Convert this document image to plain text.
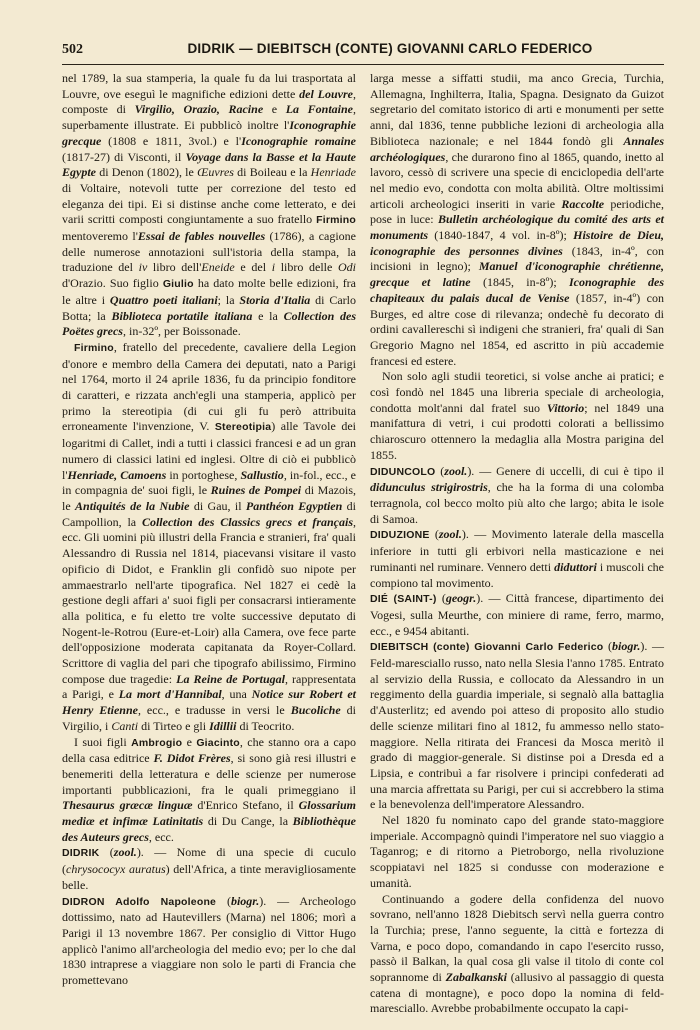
502	DIDRIK — DIEBITSCH (CONTE) GIOVANNI CARLO FEDERICO

nel 1789, la sua stamperia, la quale fu da lui trasportata al Louvre, ove eseguì le magnifiche edizioni dette del Louvre, composte di Virgilio, Orazio, Racine e La Fontaine, superbamente illustrate. Ei pubblicò inoltre l'Iconographie grecque (1808 e 1811, 3vol.) e l'Iconographie romaine (1817-27) di Visconti, il Voyage dans la Basse et la Haute Egypte di Denon (1802), le Œuvres di Boileau e la Henriade di Voltaire, notevoli tutte per correzione del testo ed eleganza dei tipi. Ei si distinse anche come letterato, e dei varii scritti composti congiuntamente a suo fratello Firmino mentoveremo l'Essai de fables nouvelles (1786), a cagione delle numerose annotazioni sull'istoria della stampa, la traduzione del iv libro dell'Eneide e del i libro delle Odi d'Orazio. Suo figlio Giulio ha dato molte belle edizioni, fra le altre i Quattro poeti italiani; la Storia d'Italia di Carlo Botta; la Biblioteca portatile italiana e la Collection des Poëtes grecs, in-32º, per Boissonade.

Firmino, fratello del precedente, cavaliere della Legion d'onore e membro della Camera dei deputati, nato a Parigi nel 1764, morto il 24 aprile 1836, fu da principio fonditore di caratteri, e rizzata anch'egli una stamperia, applicò per primo la stereotipia (di cui gli fu però attribuita erroneamente l'invenzione, V. Stereotipia) alle Tavole dei logaritmi di Callet, indi a tutti i classici francesi e ad un gran numero di classici latini ed inglesi. Oltre di ciò ei pubblicò l'Henriade, Camoens in portoghese, Sallustio, in-fol., ecc., e in compagnia de' suoi figli, le Ruines de Pompei di Mazois, le Antiquités de la Nubie di Gau, il Panthéon Egyptien di Campollion, la Collection des Classics grecs et français, ecc. Gli uomini più illustri della Francia e stranieri, fra' quali Alessandro di Russia nel 1814, piacevansi visitare il vasto opificio di Didot, e Franklin gli confidò suo nipote per ammaestrarlo nell'arte tipografica. Nel 1827 ei cedè la gestione degli affari a' suoi figli per consacrarsi intieramente alla politica, e fu eletto tre volte successive deputato di Nogent-le-Rotrou (Eure-et-Loir) alla Camera, ove fece parte dell'opposizione moderata capitanata da Royer-Collard. Scrittore di vaglia del pari che tipografo abilissimo, Firmino compose due tragedie: La Reine de Portugal, rappresentata a Parigi, e La mort d'Hannibal, una Notice sur Robert et Henry Etienne, ecc., e tradusse in versi le Bucoliche di Virgilio, i Canti di Tirteo e gli Idillii di Teocrito.

I suoi figli Ambrogio e Giacinto, che stanno ora a capo della casa editrice F. Didot Frères, si sono già resi illustri e benemeriti della letteratura e delle scienze per numerose importanti pubblicazioni, fra le quali primeggiano il Thesaurus græcæ linguæ d'Enrico Stefano, il Glossarium mediæ et infimæ Latinitatis di Du Cange, la Bibliothèque des Auteurs grecs, ecc.

DIDRIK (zool.). — Nome di una specie di cuculo (chrysococyx auratus) dell'Africa, a tinte meravigliosamente belle.

DIDRON Adolfo Napoleone (biogr.). — Archeologo dottissimo, nato ad Hautevillers (Marna) nel 1806; morì a Parigi il 13 novembre 1867. Per consiglio di Vittor Hugo applicò l'animo all'archeologia del medio evo; per lo che dal 1830 intraprese a viaggiare non solo le parti di Francia che promettevano

larga messe a siffatti studii, ma anco Grecia, Turchia, Allemagna, Inghilterra, Italia, Spagna. Designato da Guizot segretario del comitato istorico di arti e monumenti per sette anni, dal 1836, tenne pubbliche lezioni di archeologia alla Biblioteca nazionale; e nel 1844 fondò gli Annales archéologiques, che durarono fino al 1865, quando, inetto al lavoro, cessò di scrivere una specie di enciclopedia dell'arte nel medio evo, condotta con molta abilità. Oltre moltissimi articoli archeologici inseriti in varie Raccolte periodiche, pose in luce: Bulletin archéologique du comité des arts et monuments (1840-1847, 4 vol. in-8º); Histoire de Dieu, iconographie des personnes divines (1843, in-4º, con incisioni in legno); Manuel d'iconographie chrétienne, grecque et latine (1845, in-8º); Iconographie des chapiteaux du palais ducal de Venise (1857, in-4º) con Burges, ed altre cose di rilevanza; ondechè fu decorato di ordini cavallereschi sì indigeni che stranieri, fra' quali di San Gregorio Magno nel 1854, ed ascritto in più accademie francesi ed estere.

Non solo agli studii teoretici, si volse anche ai pratici; e così fondò nel 1845 una libreria speciale di archeologia, condotta molt'anni dal fratel suo Vittorio; nel 1849 una manifattura di vetri, i cui prodotti colorati a bellissimo chiaroscuro ottennero la medaglia alla Mostra parigina del 1855.

DIDUNCOLO (zool.). — Genere di uccelli, di cui è tipo il didunculus strigirostris, che ha la forma di una colomba terragnola, col becco molto più alto che largo; abita le isole di Samoa.

DIDUZIONE (zool.). — Movimento laterale della mascella inferiore in tutti gli erbivori nella masticazione e nei ruminanti nel ruminare. Vennero detti diduttori i muscoli che compiono tal movimento.

DIÉ (SAINT-) (geogr.). — Città francese, dipartimento dei Vogesi, sulla Meurthe, con miniere di rame, ferro, marmo, ecc., e 9454 abitanti.

DIEBITSCH (conte) Giovanni Carlo Federico (biogr.). — Feld-maresciallo russo, nato nella Slesia l'anno 1785. Entrato al servizio della Russia, e collocato da Alessandro in un reggimento della guardia imperiale, si segnalò alla battaglia d'Austerlitz; ed avendo poi atteso di proposito allo studio delle scienze militari fino al 1812, fu ammesso nello stato-maggiore. Nella ritirata dei Francesi da Mosca meritò il grado di maggior-generale. Si distinse poi a Dresda ed a Lipsia, e contribuì a far risolvere i principi confederati ad una marcia affrettata su Parigi, per cui si accrebbero la stima e la benevolenza dell'imperatore Alessandro.

Nel 1820 fu nominato capo del grande stato-maggiore imperiale. Accompagnò quindi l'imperatore nel suo viaggio a Taganrog; e di ritorno a Pietroborgo, nella rivoluzione scoppiatavi nel 1825 si condusse con moderazione e umanità.

Continuando a godere della confidenza del nuovo sovrano, nell'anno 1828 Diebitsch servì nella guerra contro la Turchia; prese, l'anno seguente, la città e fortezza di Varna, e poco dopo, comandando in capo l'esercito russo, passò il Balkan, la qual cosa gli valse il titolo di conte col soprannome di Zabalkanski (allusivo al passaggio di questa catena di montagne), e poco dopo la nomina di feld-maresciallo. Avrebbe probabilmente occupato la capi-
